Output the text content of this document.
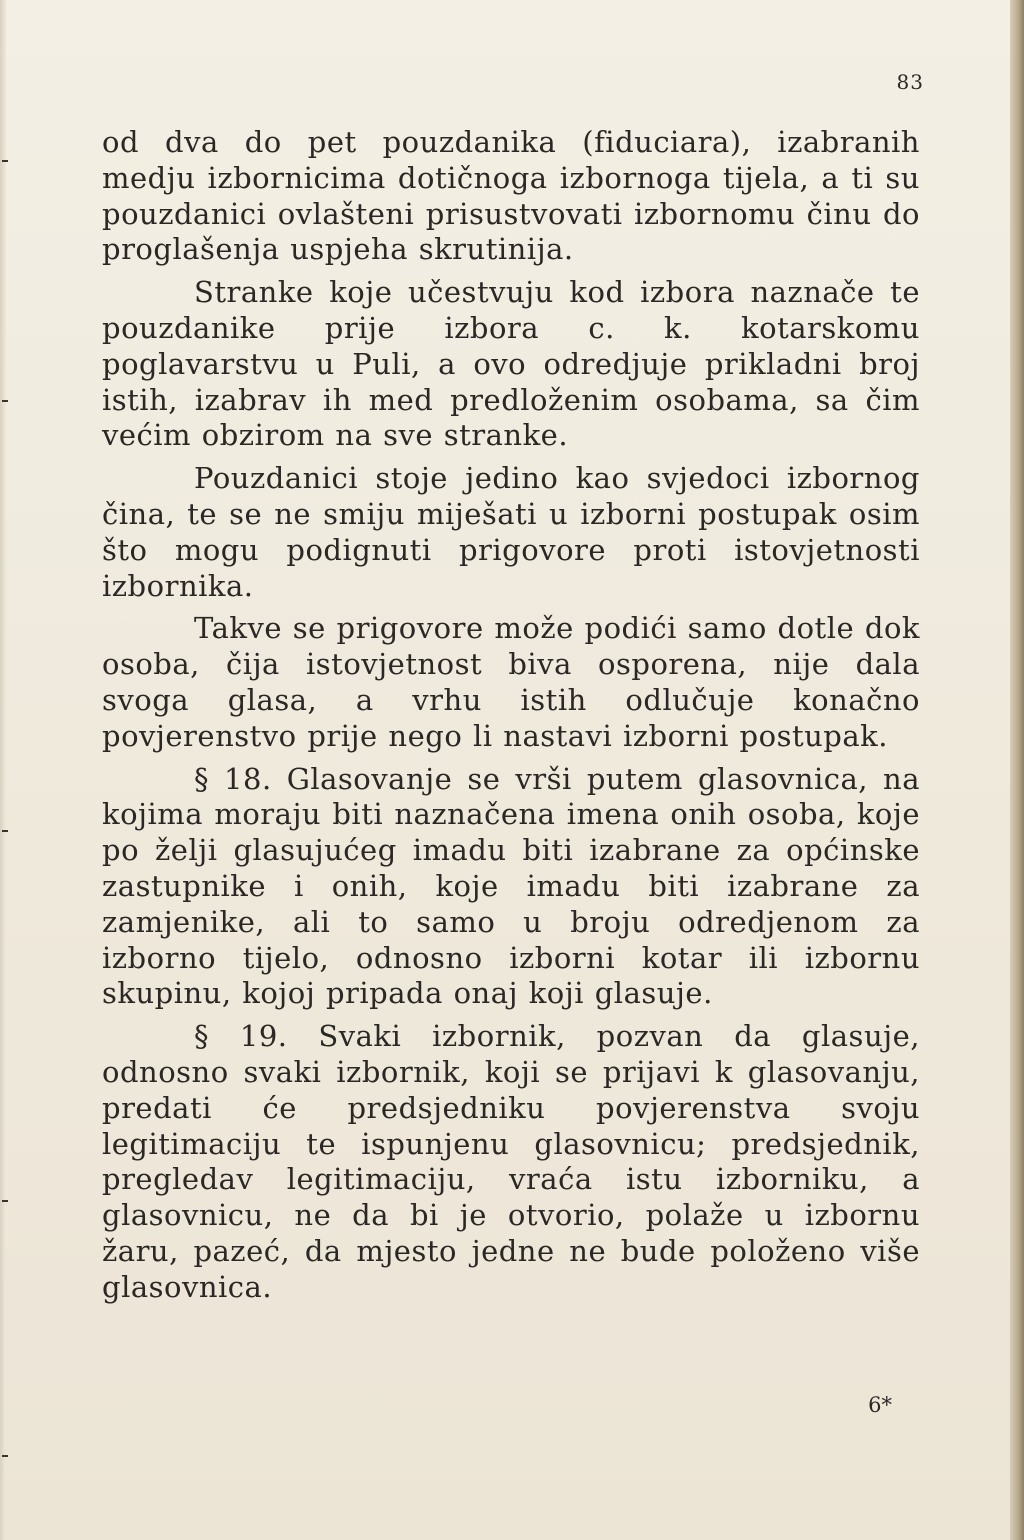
83

od dva do pet pouzdanika (fiduciara), izabranih medju izbornicima dotičnoga izbornoga tijela, a ti su pouzdanici ovlašteni prisustvovati izbornomu činu do proglašenja uspjeha skrutinija.

Stranke koje učestvuju kod izbora naznače te pouzdanike prije izbora c. k. kotarskomu poglavarstvu u Puli, a ovo odredjuje prikladni broj istih, izabrav ih med predloženim osobama, sa čim većim obzirom na sve stranke.

Pouzdanici stoje jedino kao svjedoci izbornog čina, te se ne smiju miješati u izborni postupak osim što mogu podignuti prigovore proti istovjetnosti izbornika.

Takve se prigovore može podići samo dotle dok osoba, čija istovjetnost biva osporena, nije dala svoga glasa, a vrhu istih odlučuje konačno povjerenstvo prije nego li nastavi izborni postupak.

§ 18. Glasovanje se vrši putem glasovnica, na kojima moraju biti naznačena imena onih osoba, koje po želji glasujućeg imadu biti izabrane za općinske zastupnike i onih, koje imadu biti izabrane za zamjenike, ali to samo u broju odredjenom za izborno tijelo, odnosno izborni kotar ili izbornu skupinu, kojoj pripada onaj koji glasuje.

§ 19. Svaki izbornik, pozvan da glasuje, odnosno svaki izbornik, koji se prijavi k glasovanju, predati će predsjedniku povjerenstva svoju legitimaciju te ispunjenu glasovnicu; predsjednik, pregledav legitimaciju, vraća istu izborniku, a glasovnicu, ne da bi je otvorio, polaže u izbornu žaru, pazeć, da mjesto jedne ne bude položeno više glasovnica.

6*
